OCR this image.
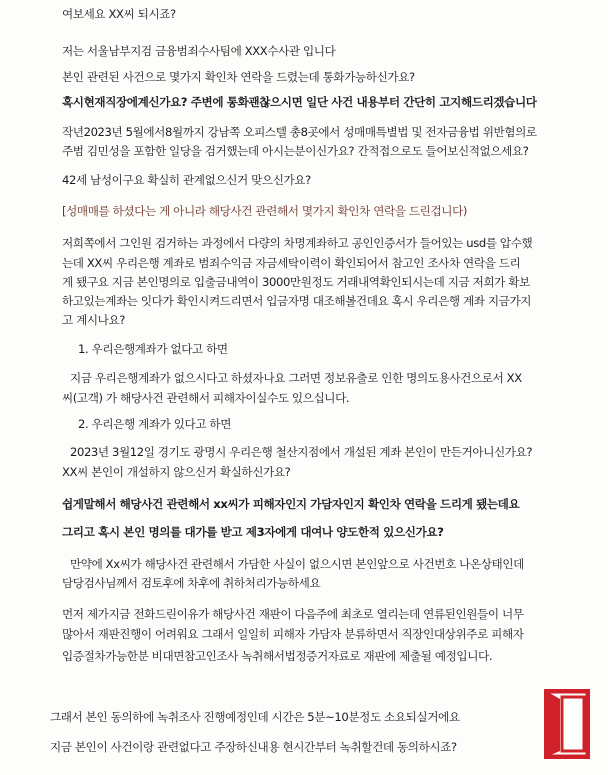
여보세요 XX씨 되시죠?
저는 서울남부지검 금융범죄수사팀에 XXX수사관 입니다
본인 관련된 사건으로 몇가지 확인차 연락을 드렸는데 통화가능하신가요?
혹시현재직장에계신가요? 주변에 통화괜찮으시면 일단 사건 내용부터 간단히 고지해드리겠습니다
작년2023년 5월에서8월까지 강남쪽 오피스텔 총8곳에서 성매매특별법 및 전자금융법 위반혐의로
주범 김민성을 포함한 일당을 검거했는데 아시는분이신가요? 간적접으로도 들어보신적없으세요?
42세 남성이구요 확실히 관계없으신거 맞으신가요?
[성매매를 하셨다는 게 아니라 해당사건 관련해서 몇가지 확인차 연락을 드린겁니다)
저희쪽에서 그인원 검거하는 과정에서 다량의 차명계좌하고 공인인증서가 들어있는 usd를 압수했
는데 XX씨 우리은행 계좌로 범죄수익금 자금세탁이력이 확인되어서 참고인 조사차 연락을 드리
게 됐구요 지금 본인명의로 입출금내역이 3000만원정도 거래내역확인되시는데 지금 저희가 확보
하고있는계좌는 잇다가 확인시켜드리면서 입금자명 대조해볼건데요 혹시 우리은행 계좌 지금가지
고 계시나요?
1. 우리은행계좌가 없다고 하면
지금 우리은행계좌가 없으시다고 하셨자나요 그러면 정보유출로 인한 명의도용사건으로서 XX
씨(고객) 가 해당사건 관련해서 피해자이실수도 있으십니다.
2. 우리은행 계좌가 있다고 하면
2023년 3월12일 경기도 광명시 우리은행 철산지점에서 개설된 계좌 본인이 만든거아니신가요?
XX씨 본인이 개설하지 않으신거 확실하신가요?
쉽게말해서 해당사건 관련해서 xx씨가 피해자인지 가담자인지 확인차 연락을 드리게 됐는데요
그리고 혹시 본인 명의를 대가를 받고 제3자에게 대여나 양도한적 있으신가요?
만약에 Xx씨가 해당사건 관련해서 가담한 사실이 없으시면 본인앞으로 사건번호 나온상태인데
담당검사님께서 검토후에 차후에 취하처리가능하세요
먼저 제가지금 전화드린이유가 해당사건 재판이 다음주에 최초로 열리는데 연류된인원들이 너무
많아서 재판진행이 어려워요 그래서 일일히 피해자 가담자 분류하면서 직장인대상위주로 피해자
입증절차가능한분 비대면참고인조사 녹취해서법정증거자료로 재판에 제출될 예정입니다.
그래서 본인 동의하에 녹취조사 진행예정인데 시간은 5분~10분정도 소요되실거에요
지금 본인이 사건이랑 관련없다고 주장하신내용 현시간부터 녹취할건데 동의하시죠?
